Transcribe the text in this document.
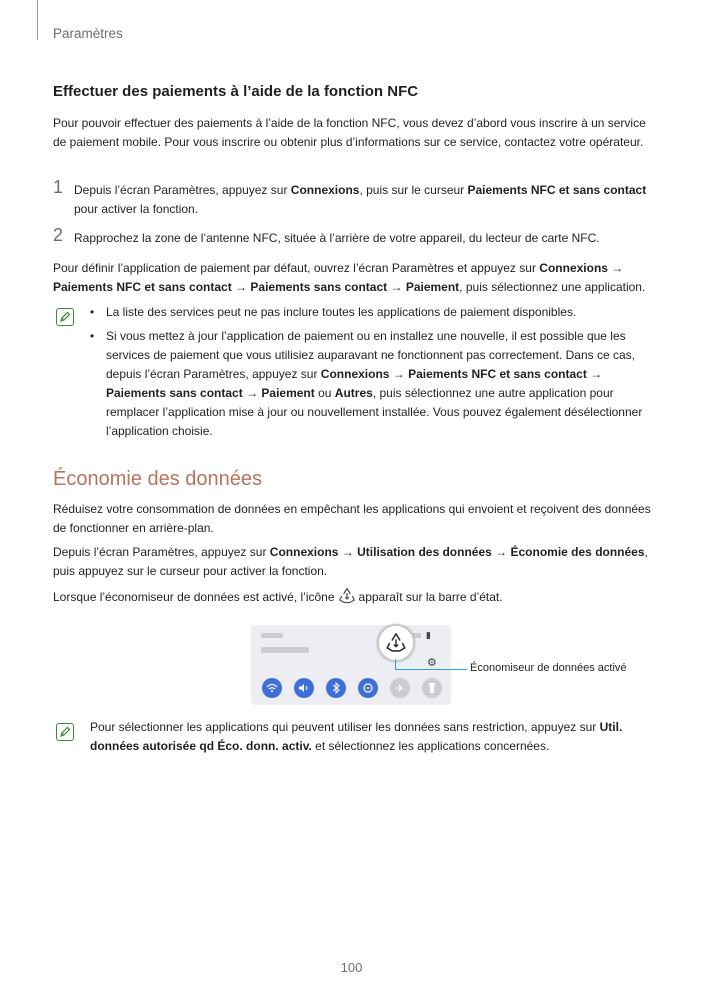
Paramètres
Effectuer des paiements à l’aide de la fonction NFC

Pour pouvoir effectuer des paiements à l’aide de la fonction NFC, vous devez d’abord vous inscrire à un service de paiement mobile. Pour vous inscrire ou obtenir plus d’informations sur ce service, contactez votre opérateur.

1 Depuis l’écran Paramètres, appuyez sur Connexions, puis sur le curseur Paiements NFC et sans contact pour activer la fonction.
2 Rapprochez la zone de l’antenne NFC, située à l’arrière de votre appareil, du lecteur de carte NFC.

Pour définir l’application de paiement par défaut, ouvrez l’écran Paramètres et appuyez sur Connexions → Paiements NFC et sans contact → Paiements sans contact → Paiement, puis sélectionnez une application.

• La liste des services peut ne pas inclure toutes les applications de paiement disponibles.
• Si vous mettez à jour l’application de paiement ou en installez une nouvelle, il est possible que les services de paiement que vous utilisiez auparavant ne fonctionnent pas correctement. Dans ce cas, depuis l’écran Paramètres, appuyez sur Connexions → Paiements NFC et sans contact → Paiements sans contact → Paiement ou Autres, puis sélectionnez une autre application pour remplacer l’application mise à jour ou nouvellement installée. Vous pouvez également désélectionner l’application choisie.
Économie des données

Réduisez votre consommation de données en empêchant les applications qui envoient et reçoivent des données de fonctionner en arrière-plan.

Depuis l’écran Paramètres, appuyez sur Connexions → Utilisation des données → Économie des données, puis appuyez sur le curseur pour activer la fonction.

Lorsque l’économiseur de données est activé, l’icône apparaît sur la barre d’état.

▮
⚙
✈
Économiseur de données activé

Pour sélectionner les applications qui peuvent utiliser les données sans restriction, appuyez sur Util. données autorisée qd Éco. donn. activ. et sélectionnez les applications concernées.

100
